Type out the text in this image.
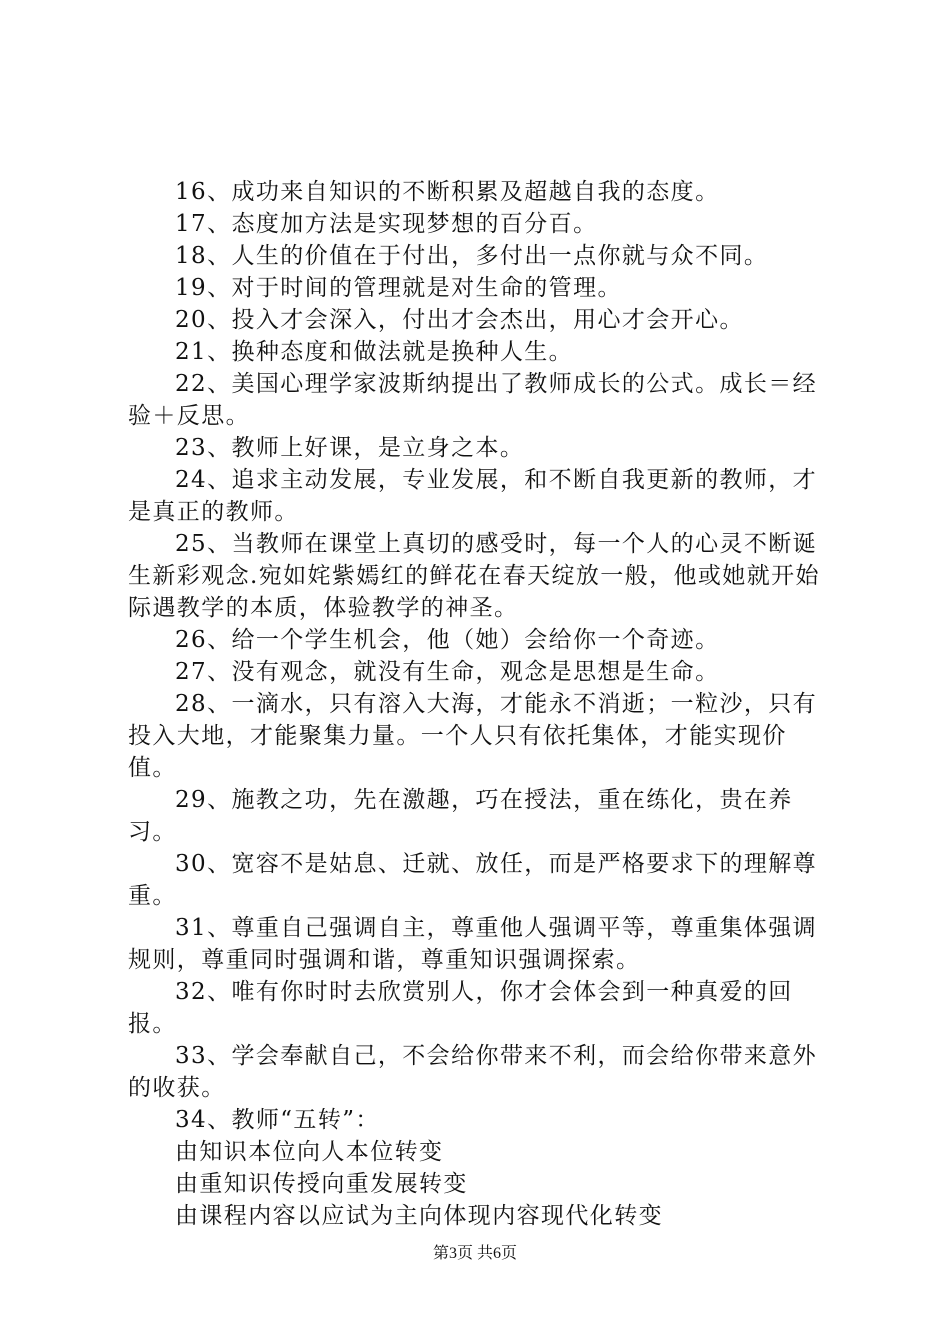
16、成功来自知识的不断积累及超越自我的态度。

17、态度加方法是实现梦想的百分百。

18、人生的价值在于付出，多付出一点你就与众不同。

19、对于时间的管理就是对生命的管理。

20、投入才会深入，付出才会杰出，用心才会开心。

21、换种态度和做法就是换种人生。

22、美国心理学家波斯纳提出了教师成长的公式。成长＝经验＋反思。

23、教师上好课，是立身之本。

24、追求主动发展，专业发展，和不断自我更新的教师，才是真正的教师。

25、当教师在课堂上真切的感受时，每一个人的心灵不断诞生新彩观念.宛如姹紫嫣红的鲜花在春天绽放一般，他或她就开始际遇教学的本质，体验教学的神圣。

26、给一个学生机会，他（她）会给你一个奇迹。

27、没有观念，就没有生命，观念是思想是生命。

28、一滴水，只有溶入大海，才能永不消逝；一粒沙，只有投入大地，才能聚集力量。一个人只有依托集体，才能实现价值。

29、施教之功，先在激趣，巧在授法，重在练化，贵在养习。

30、宽容不是姑息、迁就、放任，而是严格要求下的理解尊重。

31、尊重自己强调自主，尊重他人强调平等，尊重集体强调规则，尊重同时强调和谐，尊重知识强调探索。

32、唯有你时时去欣赏别人，你才会体会到一种真爱的回报。

33、学会奉献自己，不会给你带来不利，而会给你带来意外的收获。

34、教师“五转”：

由知识本位向人本位转变

由重知识传授向重发展转变

由课程内容以应试为主向体现内容现代化转变

第3页 共6页
